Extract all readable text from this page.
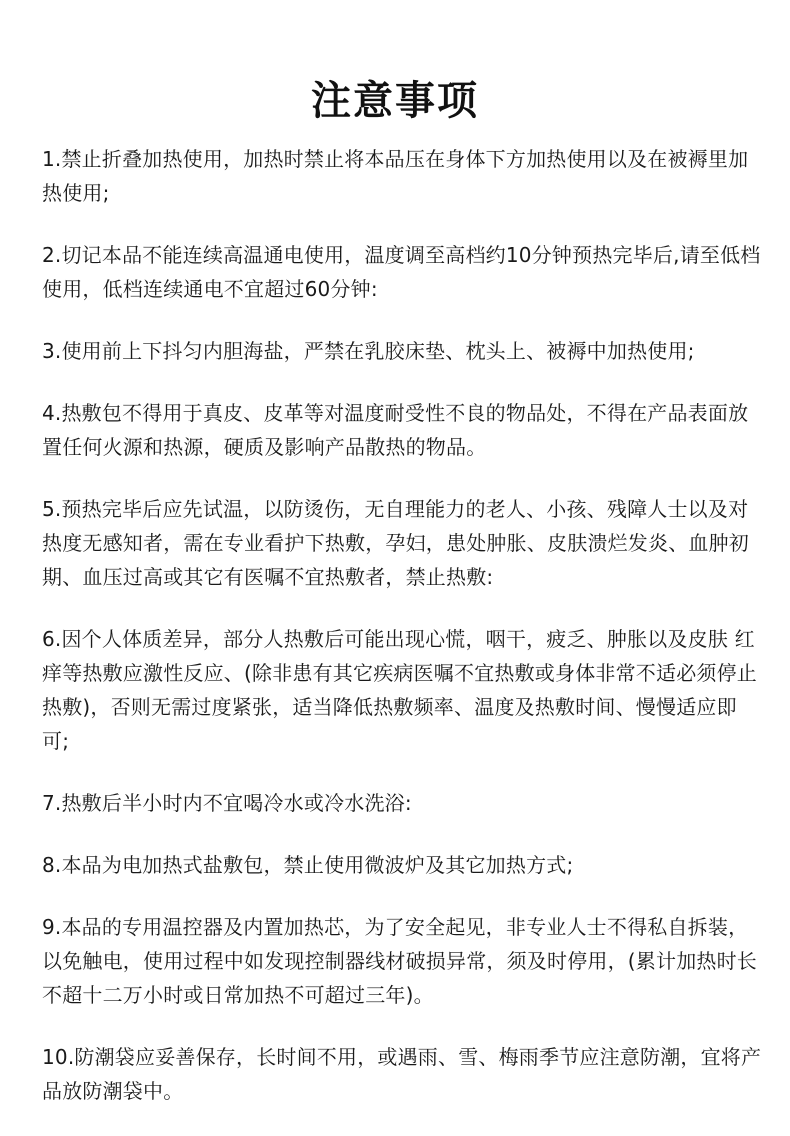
注意事项
1.禁止折叠加热使用，加热时禁止将本品压在身体下方加热使用以及在被褥里加热使用;
2.切记本品不能连续高温通电使用，温度调至高档约10分钟预热完毕后,请至低档使用，低档连续通电不宜超过60分钟:
3.使用前上下抖匀内胆海盐，严禁在乳胶床垫、枕头上、被褥中加热使用;
4.热敷包不得用于真皮、皮革等对温度耐受性不良的物品处，不得在产品表面放置任何火源和热源，硬质及影响产品散热的物品。
5.预热完毕后应先试温，以防烫伤，无自理能力的老人、小孩、残障人士以及对热度无感知者，需在专业看护下热敷，孕妇，患处肿胀、皮肤溃烂发炎、血肿初期、血压过高或其它有医嘱不宜热敷者，禁止热敷:
6.因个人体质差异，部分人热敷后可能出现心慌，咽干，疲乏、肿胀以及皮肤 红痒等热敷应激性反应、(除非患有其它疾病医嘱不宜热敷或身体非常不适必须停止热敷)，否则无需过度紧张，适当降低热敷频率、温度及热敷时间、慢慢适应即可;
7.热敷后半小时内不宜喝冷水或冷水洗浴:
8.本品为电加热式盐敷包，禁止使用微波炉及其它加热方式;
9.本品的专用温控器及内置加热芯，为了安全起见，非专业人士不得私自拆装，以免触电，使用过程中如发现控制器线材破损异常，须及时停用，(累计加热时长不超十二万小时或日常加热不可超过三年)。
10.防潮袋应妥善保存，长时间不用，或遇雨、雪、梅雨季节应注意防潮，宜将产品放防潮袋中。
